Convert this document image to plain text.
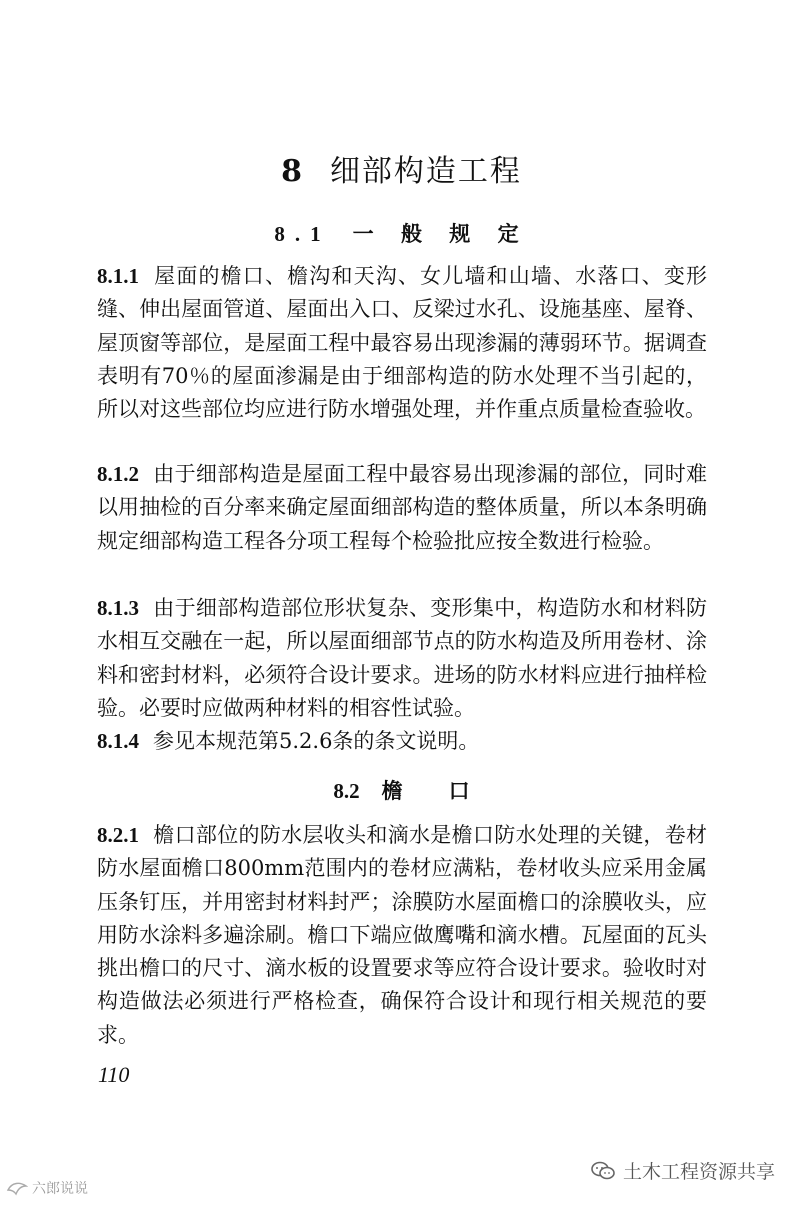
8 细部构造工程
8.1 一 般 规 定

8.1.1 屋面的檐口、檐沟和天沟、女儿墙和山墙、水落口、变形缝、伸出屋面管道、屋面出入口、反梁过水孔、设施基座、屋脊、屋顶窗等部位，是屋面工程中最容易出现渗漏的薄弱环节。据调查表明有70％的屋面渗漏是由于细部构造的防水处理不当引起的，所以对这些部位均应进行防水增强处理，并作重点质量检查验收。

8.1.2 由于细部构造是屋面工程中最容易出现渗漏的部位，同时难以用抽检的百分率来确定屋面细部构造的整体质量，所以本条明确规定细部构造工程各分项工程每个检验批应按全数进行检验。

8.1.3 由于细部构造部位形状复杂、变形集中，构造防水和材料防水相互交融在一起，所以屋面细部节点的防水构造及所用卷材、涂料和密封材料，必须符合设计要求。进场的防水材料应进行抽样检验。必要时应做两种材料的相容性试验。

8.1.4 参见本规范第5.2.6条的条文说明。

8.2 檐 口

8.2.1 檐口部位的防水层收头和滴水是檐口防水处理的关键，卷材防水屋面檐口800mm范围内的卷材应满粘，卷材收头应采用金属压条钉压，并用密封材料封严；涂膜防水屋面檐口的涂膜收头，应用防水涂料多遍涂刷。檐口下端应做鹰嘴和滴水槽。瓦屋面的瓦头挑出檐口的尺寸、滴水板的设置要求等应符合设计要求。验收时对构造做法必须进行严格检查，确保符合设计和现行相关规范的要求。

110
土木工程资源共享
六郎说说
